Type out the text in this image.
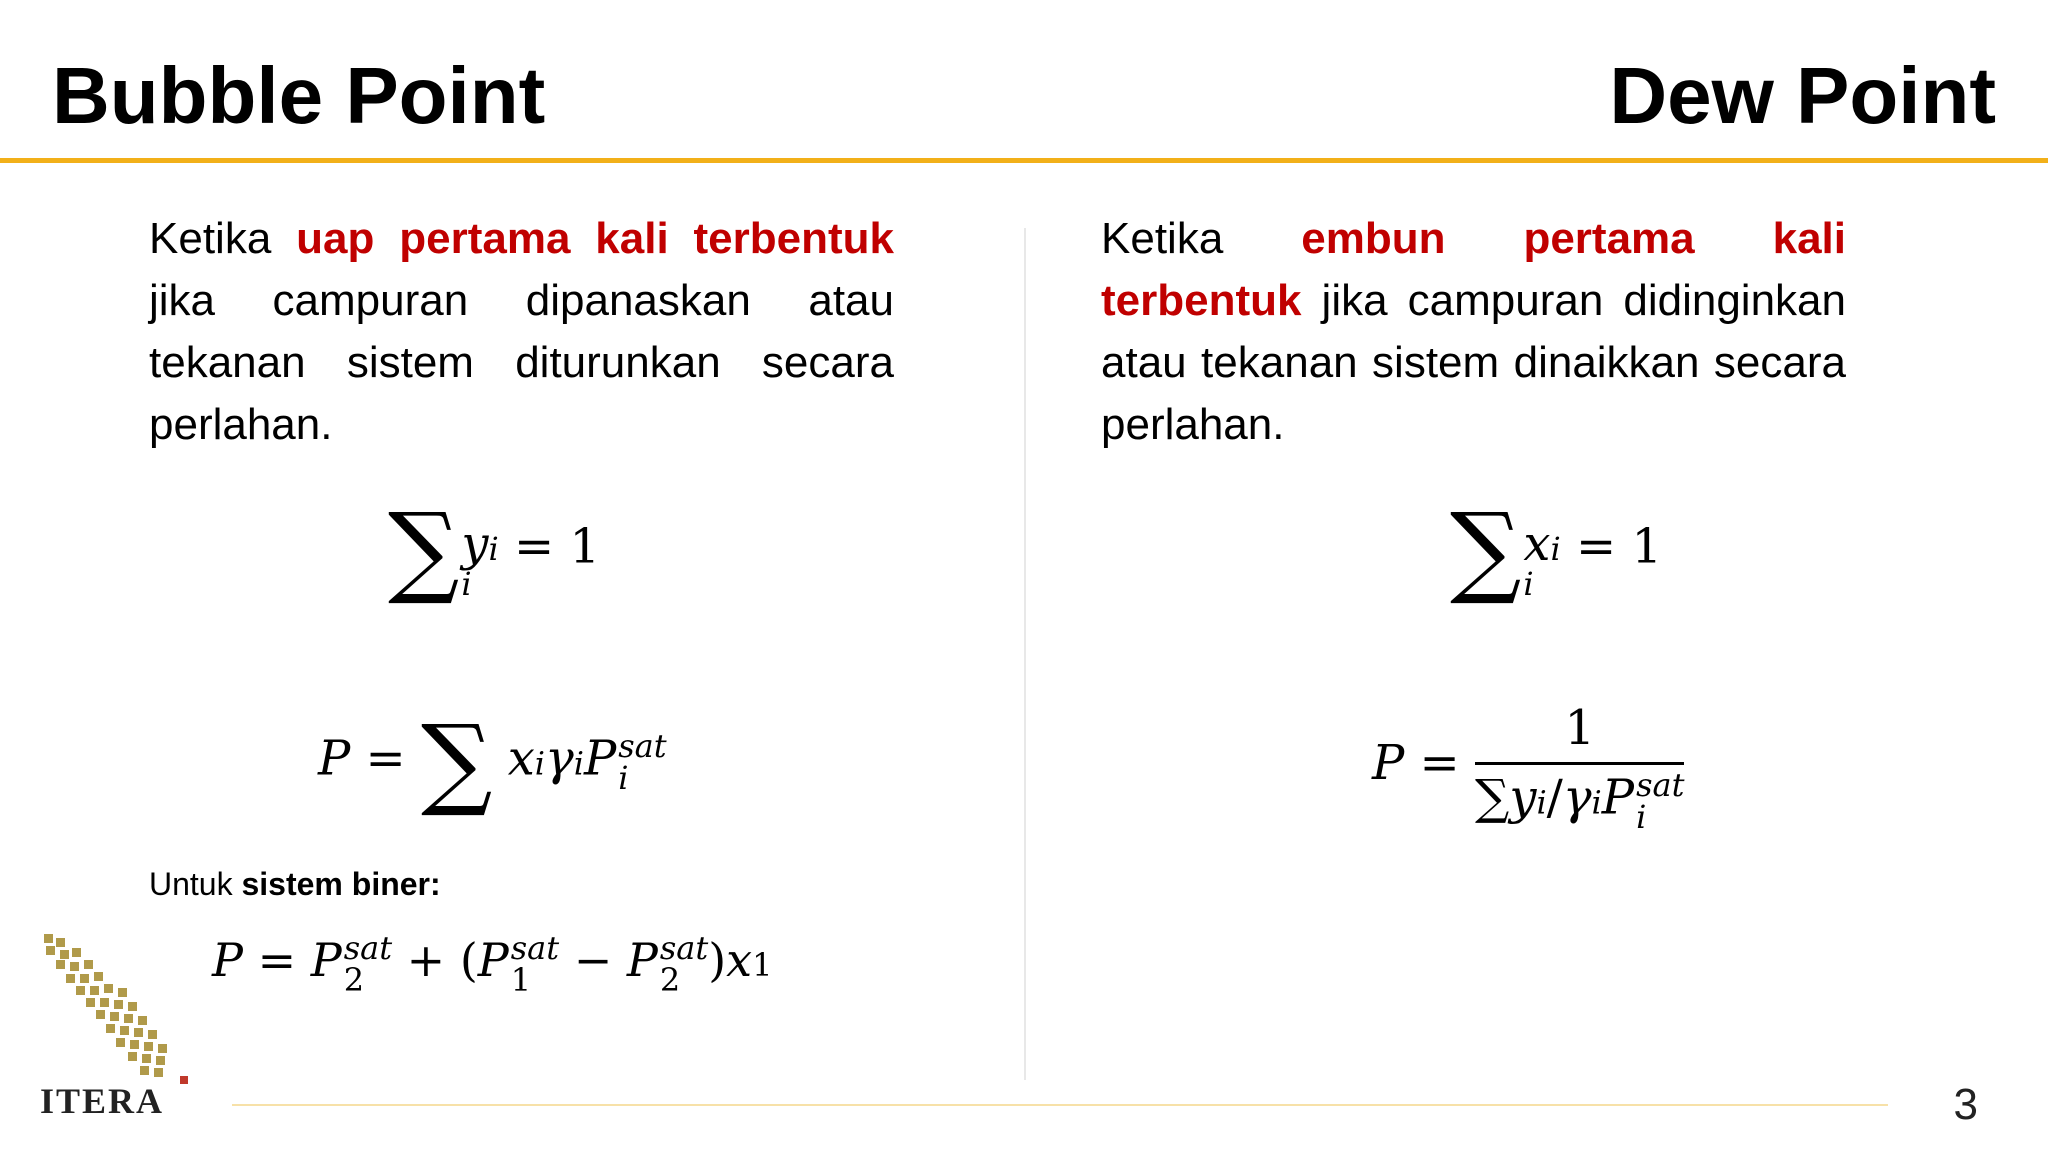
Bubble Point	Dew Point
Ketika uap pertama kali terbentuk jika campuran dipanaskan atau tekanan sistem diturunkan secara perlahan.
∑ yi
i
= 1
P = ∑ xiγiP sat
i
Untuk sistem biner:
P = P sat
2 + (P sat
1 − P sat
2 )x1
Ketika embun pertama kali terbentuk jika campuran didinginkan atau tekanan sistem dinaikkan secara perlahan.
∑ xi
i
= 1
P = 1
∑yi/γiP sat
i
ITERA	3
